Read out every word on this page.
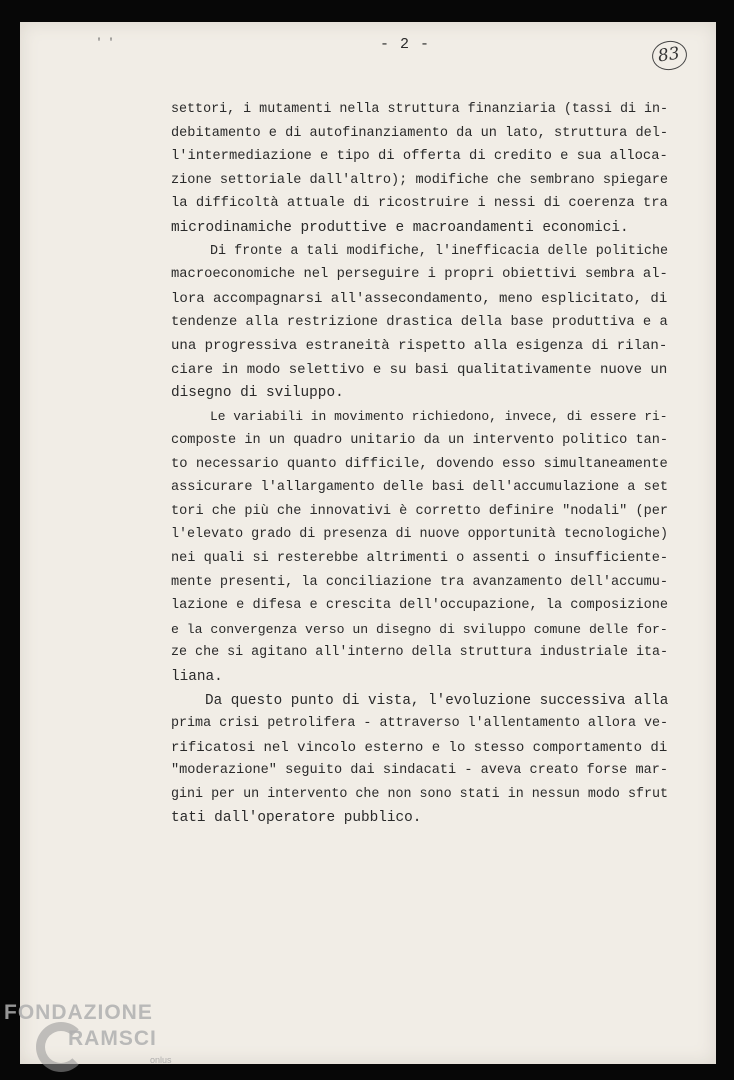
' '	- 2 -	83
settori, i mutamenti nella struttura finanziaria (tassi di in-
debitamento e di autofinanziamento da un lato, struttura del-
l'intermediazione e tipo di offerta di credito e sua alloca-
zione settoriale dall'altro); modifiche che sembrano spiegare
la difficoltà attuale di ricostruire i nessi di coerenza tra
microdinamiche produttive e macroandamenti economici.
Di fronte a tali modifiche, l'inefficacia delle politiche
macroeconomiche nel perseguire i propri obiettivi sembra al-
lora accompagnarsi all'assecondamento, meno esplicitato, di
tendenze alla restrizione drastica della base produttiva e a
una progressiva estraneità rispetto alla esigenza di rilan-
ciare in modo selettivo e su basi qualitativamente nuove un
disegno di sviluppo.
Le variabili in movimento richiedono, invece, di essere ri-
composte in un quadro unitario da un intervento politico tan-
to necessario quanto difficile, dovendo esso simultaneamente
assicurare l'allargamento delle basi dell'accumulazione a set
tori che più che innovativi è corretto definire "nodali" (per
l'elevato grado di presenza di nuove opportunità tecnologiche)
nei quali si resterebbe altrimenti o assenti o insufficiente-
mente presenti, la conciliazione tra avanzamento dell'accumu-
lazione e difesa e crescita dell'occupazione, la composizione
e la convergenza verso un disegno di sviluppo comune delle for-
ze che si agitano all'interno della struttura industriale ita-
liana.
Da questo punto di vista, l'evoluzione successiva alla
prima crisi petrolifera - attraverso l'allentamento allora ve-
rificatosi nel vincolo esterno e lo stesso comportamento di
"moderazione" seguito dai sindacati - aveva creato forse mar-
gini per un intervento che non sono stati in nessun modo sfrut
tati dall'operatore pubblico.
FONDAZIONE
RAMSCI
onlus
